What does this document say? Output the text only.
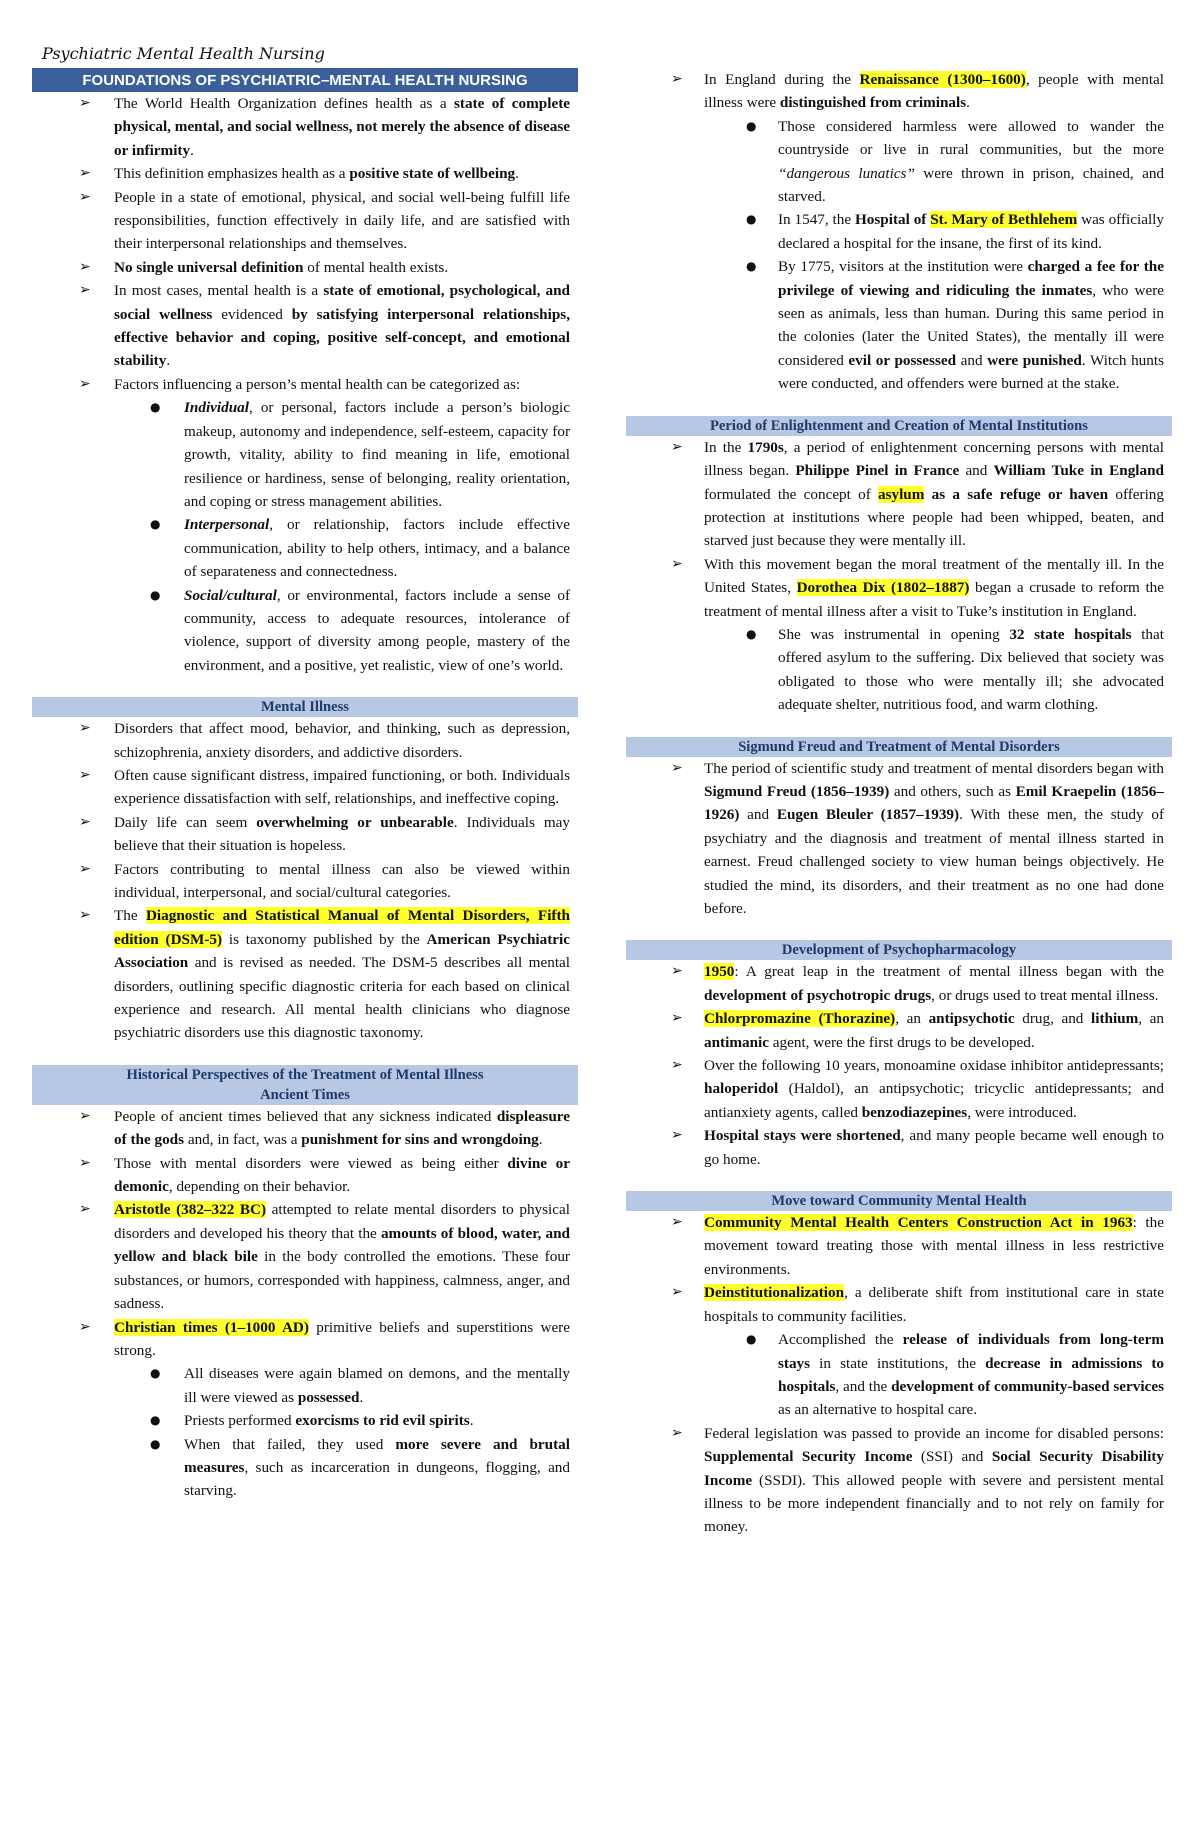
Psychiatric Mental Health Nursing
FOUNDATIONS OF PSYCHIATRIC–MENTAL HEALTH NURSING
➢ The World Health Organization defines health as a state of complete physical, mental, and social wellness, not merely the absence of disease or infirmity.
➢ This definition emphasizes health as a positive state of wellbeing.
➢ People in a state of emotional, physical, and social well-being fulfill life responsibilities, function effectively in daily life, and are satisfied with their interpersonal relationships and themselves.
➢ No single universal definition of mental health exists.
➢ In most cases, mental health is a state of emotional, psychological, and social wellness evidenced by satisfying interpersonal relationships, effective behavior and coping, positive self-concept, and emotional stability.
➢ Factors influencing a person’s mental health can be categorized as:
● Individual, or personal, factors include a person’s biologic makeup, autonomy and independence, self-esteem, capacity for growth, vitality, ability to find meaning in life, emotional resilience or hardiness, sense of belonging, reality orientation, and coping or stress management abilities.
● Interpersonal, or relationship, factors include effective communication, ability to help others, intimacy, and a balance of separateness and connectedness.
● Social/cultural, or environmental, factors include a sense of community, access to adequate resources, intolerance of violence, support of diversity among people, mastery of the environment, and a positive, yet realistic, view of one’s world.
Mental Illness
➢ Disorders that affect mood, behavior, and thinking, such as depression, schizophrenia, anxiety disorders, and addictive disorders.
➢ Often cause significant distress, impaired functioning, or both. Individuals experience dissatisfaction with self, relationships, and ineffective coping.
➢ Daily life can seem overwhelming or unbearable. Individuals may believe that their situation is hopeless.
➢ Factors contributing to mental illness can also be viewed within individual, interpersonal, and social/cultural categories.
➢ The Diagnostic and Statistical Manual of Mental Disorders, Fifth edition (DSM-5) is taxonomy published by the American Psychiatric Association and is revised as needed. The DSM-5 describes all mental disorders, outlining specific diagnostic criteria for each based on clinical experience and research. All mental health clinicians who diagnose psychiatric disorders use this diagnostic taxonomy.
Historical Perspectives of the Treatment of Mental Illness
Ancient Times
➢ People of ancient times believed that any sickness indicated displeasure of the gods and, in fact, was a punishment for sins and wrongdoing.
➢ Those with mental disorders were viewed as being either divine or demonic, depending on their behavior.
➢ Aristotle (382–322 BC) attempted to relate mental disorders to physical disorders and developed his theory that the amounts of blood, water, and yellow and black bile in the body controlled the emotions. These four substances, or humors, corresponded with happiness, calmness, anger, and sadness.
➢ Christian times (1–1000 AD) primitive beliefs and superstitions were strong.
● All diseases were again blamed on demons, and the mentally ill were viewed as possessed.
● Priests performed exorcisms to rid evil spirits.
● When that failed, they used more severe and brutal measures, such as incarceration in dungeons, flogging, and starving.
➢ In England during the Renaissance (1300–1600), people with mental illness were distinguished from criminals.
● Those considered harmless were allowed to wander the countryside or live in rural communities, but the more “dangerous lunatics” were thrown in prison, chained, and starved.
● In 1547, the Hospital of St. Mary of Bethlehem was officially declared a hospital for the insane, the first of its kind.
● By 1775, visitors at the institution were charged a fee for the privilege of viewing and ridiculing the inmates, who were seen as animals, less than human. During this same period in the colonies (later the United States), the mentally ill were considered evil or possessed and were punished. Witch hunts were conducted, and offenders were burned at the stake.
Period of Enlightenment and Creation of Mental Institutions
➢ In the 1790s, a period of enlightenment concerning persons with mental illness began. Philippe Pinel in France and William Tuke in England formulated the concept of asylum as a safe refuge or haven offering protection at institutions where people had been whipped, beaten, and starved just because they were mentally ill.
➢ With this movement began the moral treatment of the mentally ill. In the United States, Dorothea Dix (1802–1887) began a crusade to reform the treatment of mental illness after a visit to Tuke’s institution in England.
● She was instrumental in opening 32 state hospitals that offered asylum to the suffering. Dix believed that society was obligated to those who were mentally ill; she advocated adequate shelter, nutritious food, and warm clothing.
Sigmund Freud and Treatment of Mental Disorders
➢ The period of scientific study and treatment of mental disorders began with Sigmund Freud (1856–1939) and others, such as Emil Kraepelin (1856–1926) and Eugen Bleuler (1857–1939). With these men, the study of psychiatry and the diagnosis and treatment of mental illness started in earnest. Freud challenged society to view human beings objectively. He studied the mind, its disorders, and their treatment as no one had done before.
Development of Psychopharmacology
➢ 1950: A great leap in the treatment of mental illness began with the development of psychotropic drugs, or drugs used to treat mental illness.
➢ Chlorpromazine (Thorazine), an antipsychotic drug, and lithium, an antimanic agent, were the first drugs to be developed.
➢ Over the following 10 years, monoamine oxidase inhibitor antidepressants; haloperidol (Haldol), an antipsychotic; tricyclic antidepressants; and antianxiety agents, called benzodiazepines, were introduced.
➢ Hospital stays were shortened, and many people became well enough to go home.
Move toward Community Mental Health
➢ Community Mental Health Centers Construction Act in 1963: the movement toward treating those with mental illness in less restrictive environments.
➢ Deinstitutionalization, a deliberate shift from institutional care in state hospitals to community facilities.
● Accomplished the release of individuals from long-term stays in state institutions, the decrease in admissions to hospitals, and the development of community-based services as an alternative to hospital care.
➢ Federal legislation was passed to provide an income for disabled persons: Supplemental Security Income (SSI) and Social Security Disability Income (SSDI). This allowed people with severe and persistent mental illness to be more independent financially and to not rely on family for money.
